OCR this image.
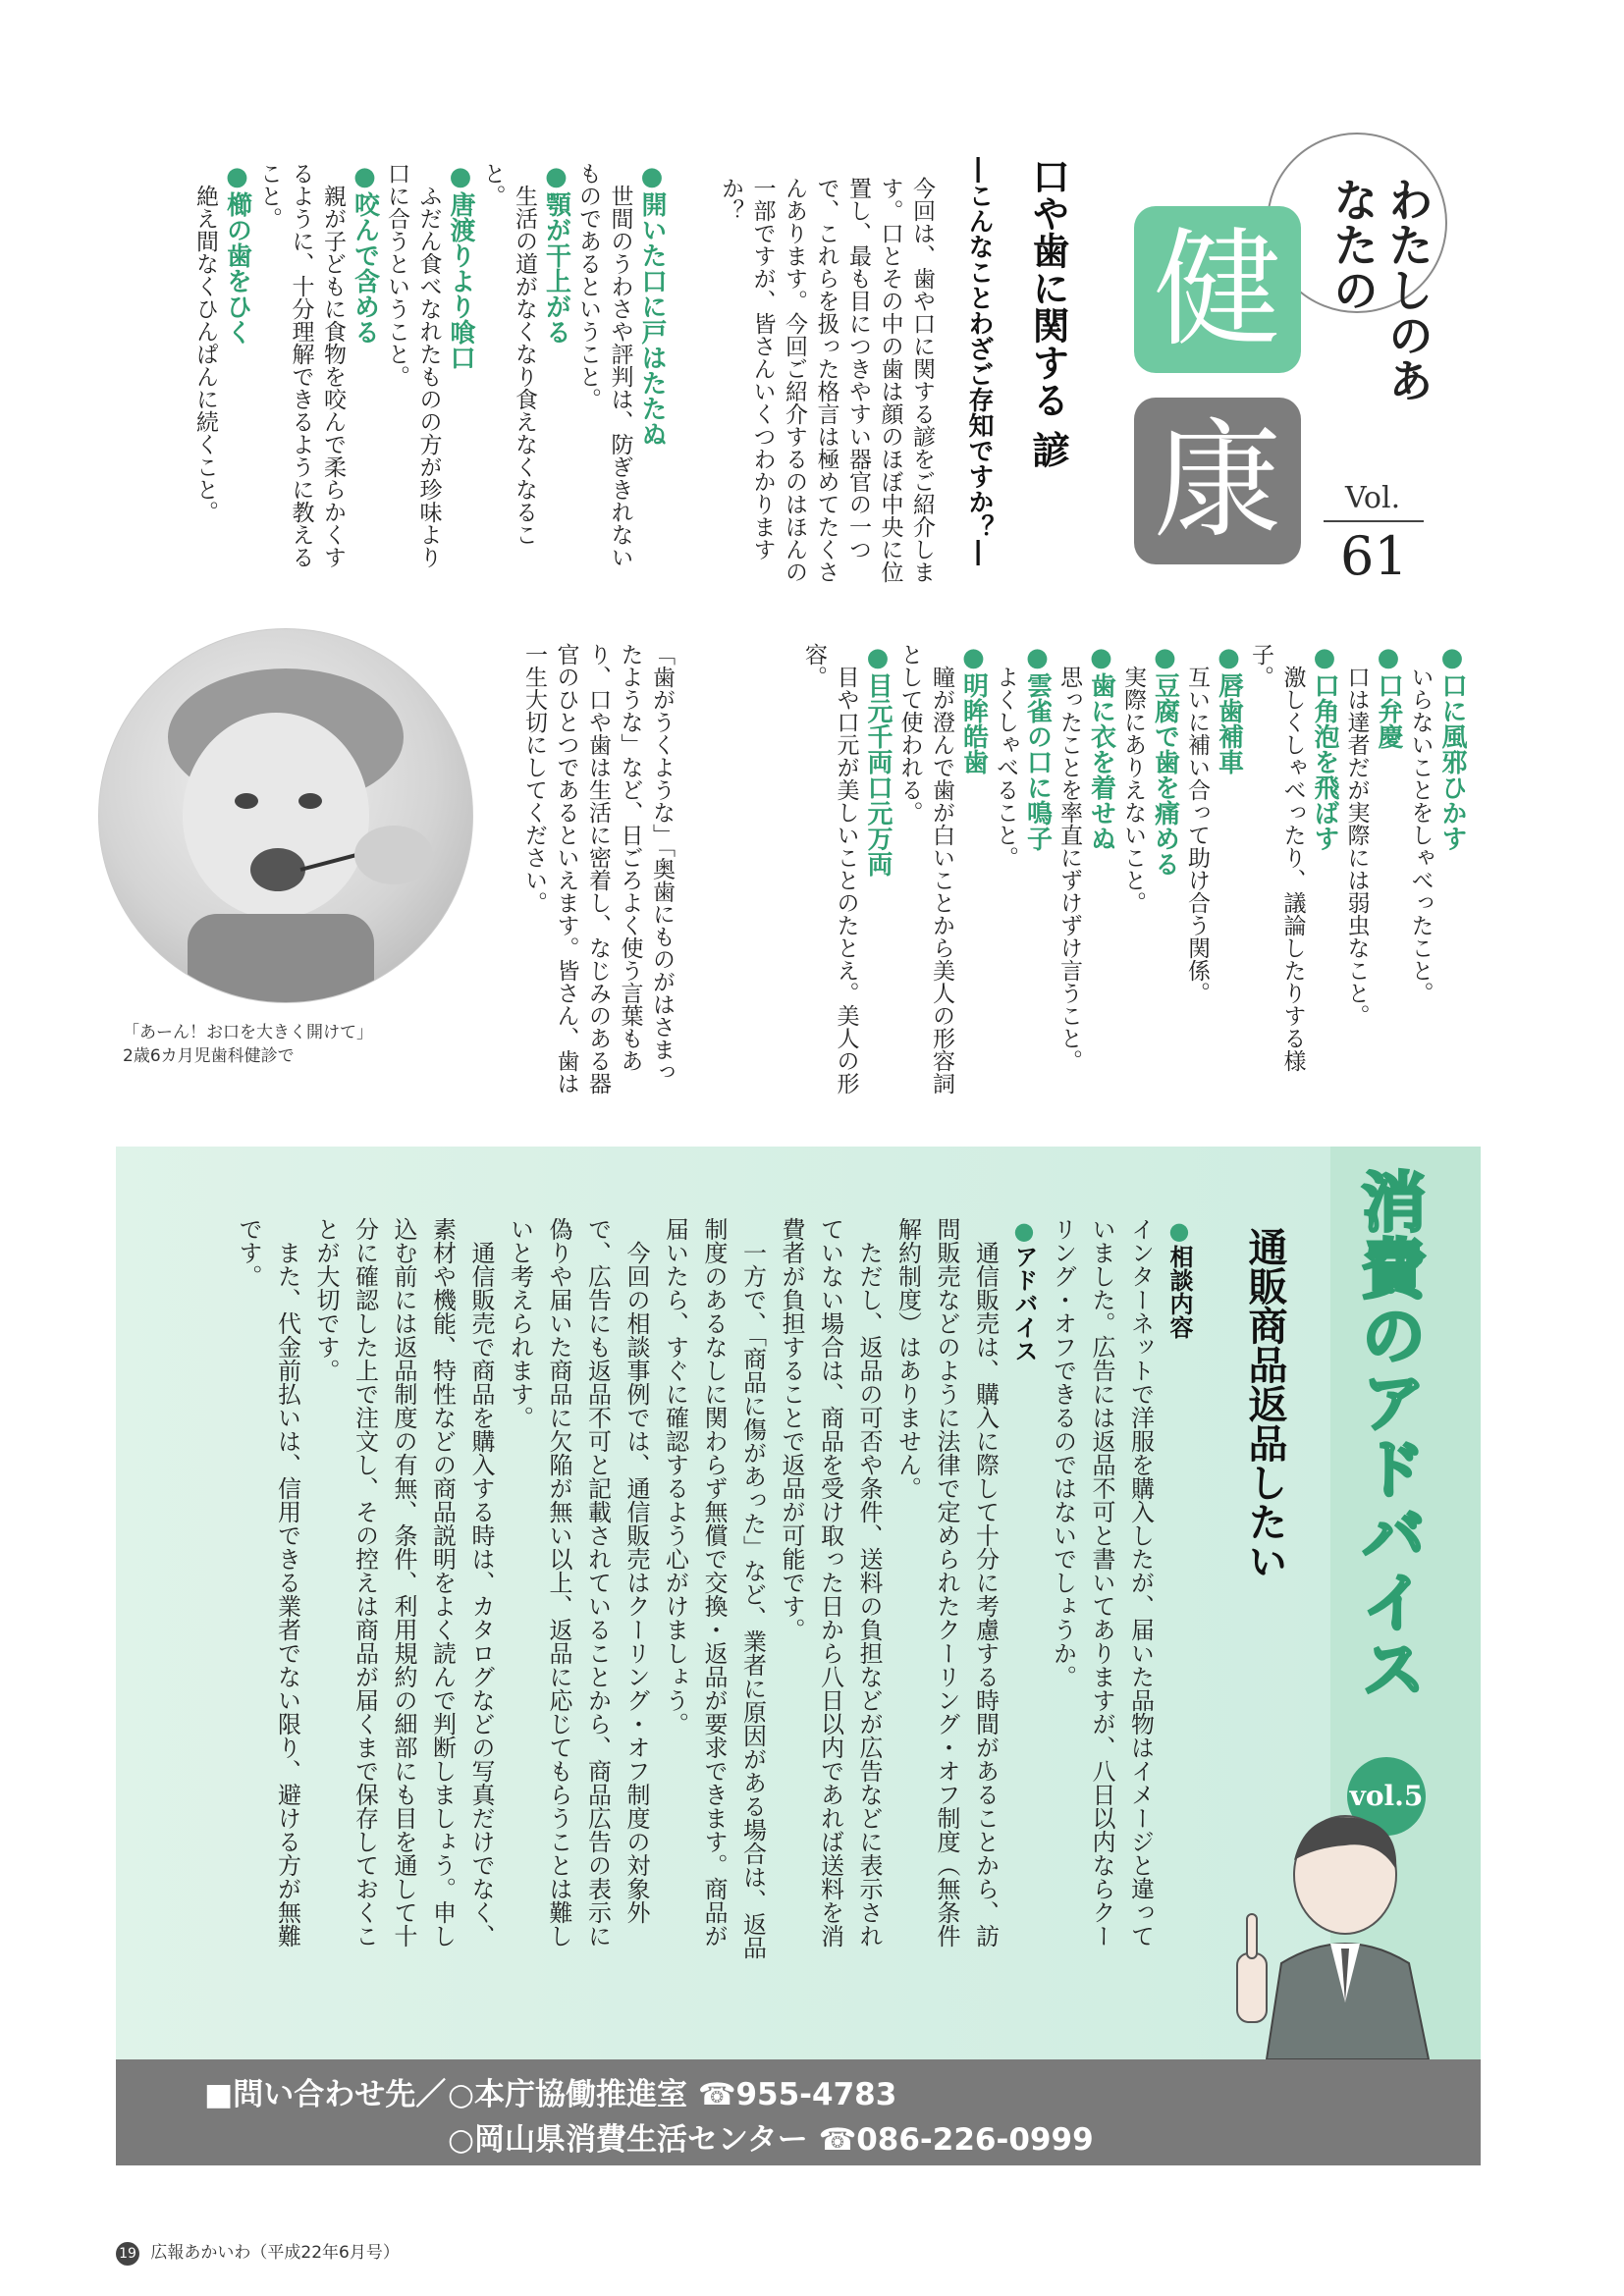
わたしのあなたの
健
康	Vol.
61
口や歯に関する 諺
―こんなことわざご存知ですか？―
今回は、歯や口に関する諺をご紹介します。口とその中の歯は顔のほぼ中央に位置し、最も目につきやすい器官の一つで、これらを扱った格言は極めてたくさんあります。今回ご紹介するのはほんの一部ですが、皆さんいくつわかりますか？
●口に風邪ひかす
いらないことをしゃべったこと。
●口弁慶
口は達者だが実際には弱虫なこと。
●口角泡を飛ばす
激しくしゃべったり、議論したりする様子。
●唇歯補車
互いに補い合って助け合う関係。
●豆腐で歯を痛める
実際にありえないこと。
●歯に衣を着せぬ
思ったことを率直にずけずけ言うこと。
●雲雀の口に鳴子
よくしゃべること。
●明眸皓歯
瞳が澄んで歯が白いことから美人の形容詞として使われる。
●目元千両口元万両
目や口元が美しいことのたとえ。美人の形容。
●開いた口に戸はたたぬ
世間のうわさや評判は、防ぎきれないものであるということ。
●顎が干上がる
生活の道がなくなり食えなくなること。
●唐渡りより喰口
ふだん食べなれたものの方が珍味より口に合うということ。
●咬んで含める
親が子どもに食物を咬んで柔らかくするように、十分理解できるように教えること。
●櫛の歯をひく
絶え間なくひんぱんに続くこと。
「歯がうくような」「奥歯にものがはさまったような」など、日ごろよく使う言葉もあり、口や歯は生活に密着し、なじみのある器官のひとつであるといえます。皆さん、歯は一生大切にしてください。
「あーん！お口を大きく開けて」
2歳6カ月児歯科健診で
消費のアドバイス
vol.5
通販商品返品したい

●相談内容

インターネットで洋服を購入したが、届いた品物はイメージと違っていました。広告には返品不可と書いてありますが、八日以内ならクーリング・オフできるのではないでしょうか。

●アドバイス

通信販売は、購入に際して十分に考慮する時間があることから、訪問販売などのように法律で定められたクーリング・オフ制度（無条件解約制度）はありません。

ただし、返品の可否や条件、送料の負担などが広告などに表示されていない場合は、商品を受け取った日から八日以内であれば送料を消費者が負担することで返品が可能です。

一方で、「商品に傷があった」など、業者に原因がある場合は、返品制度のあるなしに関わらず無償で交換・返品が要求できます。商品が届いたら、すぐに確認するよう心がけましょう。

今回の相談事例では、通信販売はクーリング・オフ制度の対象外で、広告にも返品不可と記載されていることから、商品広告の表示に偽りや届いた商品に欠陥が無い以上、返品に応じてもらうことは難しいと考えられます。

通信販売で商品を購入する時は、カタログなどの写真だけでなく、素材や機能、特性などの商品説明をよく読んで判断しましょう。申し込む前には返品制度の有無、条件、利用規約の細部にも目を通して十分に確認した上で注文し、その控えは商品が届くまで保存しておくことが大切です。

また、代金前払いは、信用できる業者でない限り、避ける方が無難です。

■問い合わせ先／ ○本庁協働推進室 ☎955-4783
○岡山県消費生活センター ☎086-226-0999
19 広報あかいわ（平成22年6月号）
